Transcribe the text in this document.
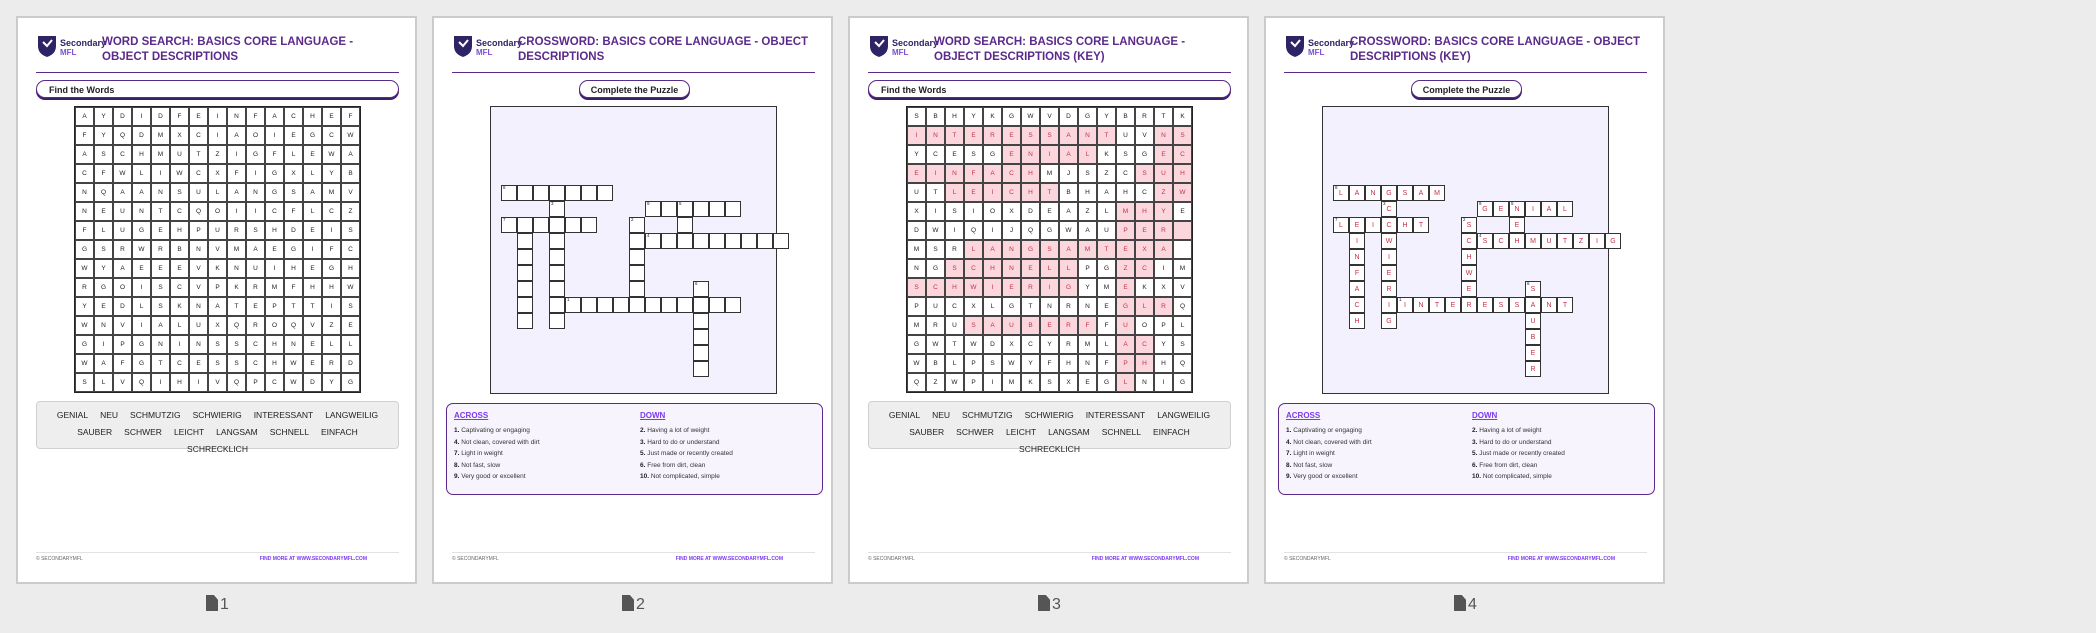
Secondary
MFL
WORD SEARCH: BASICS CORE LANGUAGE - OBJECT DESCRIPTIONS
Find the Words
A	Y	D	I	D	F	E	I	N	F	A	C	H	E	F
F	Y	Q	D	M	X	C	I	A	O	I	E	G	C	W
A	S	C	H	M	U	T	Z	I	G	F	L	E	W	A
C	F	W	L	I	W	C	X	F	I	G	X	L	Y	B
N	Q	A	A	N	S	U	L	A	N	G	S	A	M	V
N	E	U	N	T	C	Q	O	I	I	C	F	L	C	Z
F	L	U	G	E	H	P	U	R	S	H	D	E	I	S
G	S	R	W	R	B	N	V	M	A	E	G	I	F	C
W	Y	A	E	E	E	V	K	N	U	I	H	E	G	H
R	G	O	I	S	C	V	P	K	R	M	F	H	H	W
Y	E	D	L	S	K	N	A	T	E	P	T	T	I	S
W	N	V	I	A	L	U	X	Q	R	O	Q	V	Z	E
G	I	P	G	N	I	N	S	S	C	H	N	E	L	L
W	A	F	G	T	C	E	S	S	C	H	W	E	R	D
S	L	V	Q	I	H	I	V	Q	P	C	W	D	Y	G
GENIAL NEU SCHMUTZIG SCHWIERIG INTERESSANT LANGWEILIGSAUBER SCHWER LEICHT LANGSAM SCHNELL EINFACHSCHRECKLICH
© SECONDARYMFL	FIND MORE AT WWW.SECONDARYMFL.COM
Secondary
MFL
CROSSWORD: BASICS CORE LANGUAGE - OBJECT DESCRIPTIONS
Complete the Puzzle
8
3	9	5
7	2
4
6
1
ACROSS
1. Captivating or engaging
4. Not clean, covered with dirt
7. Light in weight
8. Not fast, slow
9. Very good or excellent
DOWN
2. Having a lot of weight
3. Hard to do or understand
5. Just made or recently created
6. Free from dirt, clean
10. Not complicated, simple
© SECONDARYMFL	FIND MORE AT WWW.SECONDARYMFL.COM
Secondary
MFL
WORD SEARCH: BASICS CORE LANGUAGE - OBJECT DESCRIPTIONS (KEY)
Find the Words
S	B	H	Y	K	G	W	V	D	G	Y	B	R	T	K
I	N	T	E	R	E	S	S	A	N	T	U	V	N	S
Y	C	E	S	G	E	N	I	A	L	K	S	G	E	C
E	I	N	F	A	C	H	M	J	S	Z	C	S	U	H
U	T	L	E	I	C	H	T	B	H	A	H	C	Z	W
X	I	S	I	O	X	D	E	A	Z	L	M	H	Y	E
D	W	I	Q	I	J	Q	G	W	A	U	P	E	R
M	S	R	L	A	N	G	S	A	M	T	E	X	A
N	G	S	C	H	N	E	L	L	P	G	Z	C	I	M
S	C	H	W	I	E	R	I	G	Y	M	E	K	X	V
P	U	C	X	L	G	T	N	R	N	E	G	L	R	Q
M	R	U	S	A	U	B	E	R	F	F	U	O	P	L
G	W	T	W	D	X	C	Y	R	M	L	A	C	Y	S
W	B	L	P	S	W	Y	F	H	N	F	P	H	H	Q
Q	Z	W	P	I	M	K	S	X	E	G	L	N	I	G
GENIAL NEU SCHMUTZIG SCHWIERIG INTERESSANT LANGWEILIGSAUBER SCHWER LEICHT LANGSAM SCHNELL EINFACHSCHRECKLICH
© SECONDARYMFL	FIND MORE AT WWW.SECONDARYMFL.COM
Secondary
MFL
CROSSWORD: BASICS CORE LANGUAGE - OBJECT DESCRIPTIONS (KEY)
Complete the Puzzle
8
L	A	N	G	S	A	M
3
C
9
G	E
5
N	I	A	L
7
L	E	I	C	H	T
2
S	E
I	W	C
4
S	C	H	M	U	T	Z	I	G
N	I	H
F	E	W
A	R	E
6
S
C	I
1
I	N	T	E	R	E	S	S	A	N	T
H	G	U
B
E
R
ACROSS
1. Captivating or engaging
4. Not clean, covered with dirt
7. Light in weight
8. Not fast, slow
9. Very good or excellent
DOWN
2. Having a lot of weight
3. Hard to do or understand
5. Just made or recently created
6. Free from dirt, clean
10. Not complicated, simple
© SECONDARYMFL	FIND MORE AT WWW.SECONDARYMFL.COM
1	2	3	4
